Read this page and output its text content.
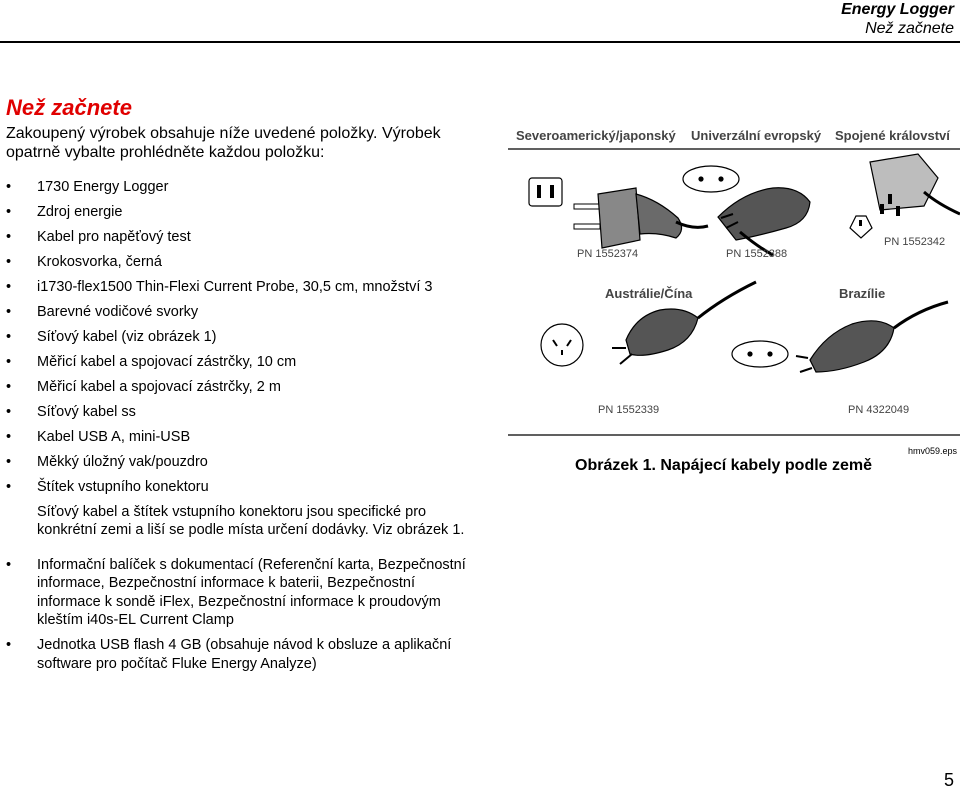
Energy Logger
Než začnete
Než začnete
Zakoupený výrobek obsahuje níže uvedené položky. Výrobek opatrně vybalte prohlédněte každou položku:
• 1730 Energy Logger
• Zdroj energie
• Kabel pro napěťový test
• Krokosvorka, černá
• i1730-flex1500 Thin-Flexi Current Probe, 30,5 cm, množství 3
• Barevné vodičové svorky
• Síťový kabel (viz obrázek 1)
• Měřicí kabel a spojovací zástrčky, 10 cm
• Měřicí kabel a spojovací zástrčky, 2 m
• Síťový kabel ss
• Kabel USB A, mini-USB
• Měkký úložný vak/pouzdro
• Štítek vstupního konektoru
Síťový kabel a štítek vstupního konektoru jsou specifické pro konkrétní zemi a liší se podle místa určení dodávky. Viz obrázek 1.
• Informační balíček s dokumentací (Referenční karta, Bezpečnostní informace, Bezpečnostní informace k baterii, Bezpečnostní informace k sondě iFlex, Bezpečnostní informace k proudovým kleštím i40s-EL Current Clamp
• Jednotka USB flash 4 GB (obsahuje návod k obsluze a aplikační software pro počítač Fluke Energy Analyze)
Severoamerický/japonský Univerzální evropský Spojené království
PN 1552374	PN 1552388
PN 1552342
Austrálie/Čína	Brazílie
PN 1552339	PN 4322049
Obrázek 1. Napájecí kabely podle země
hmv059.eps
5
